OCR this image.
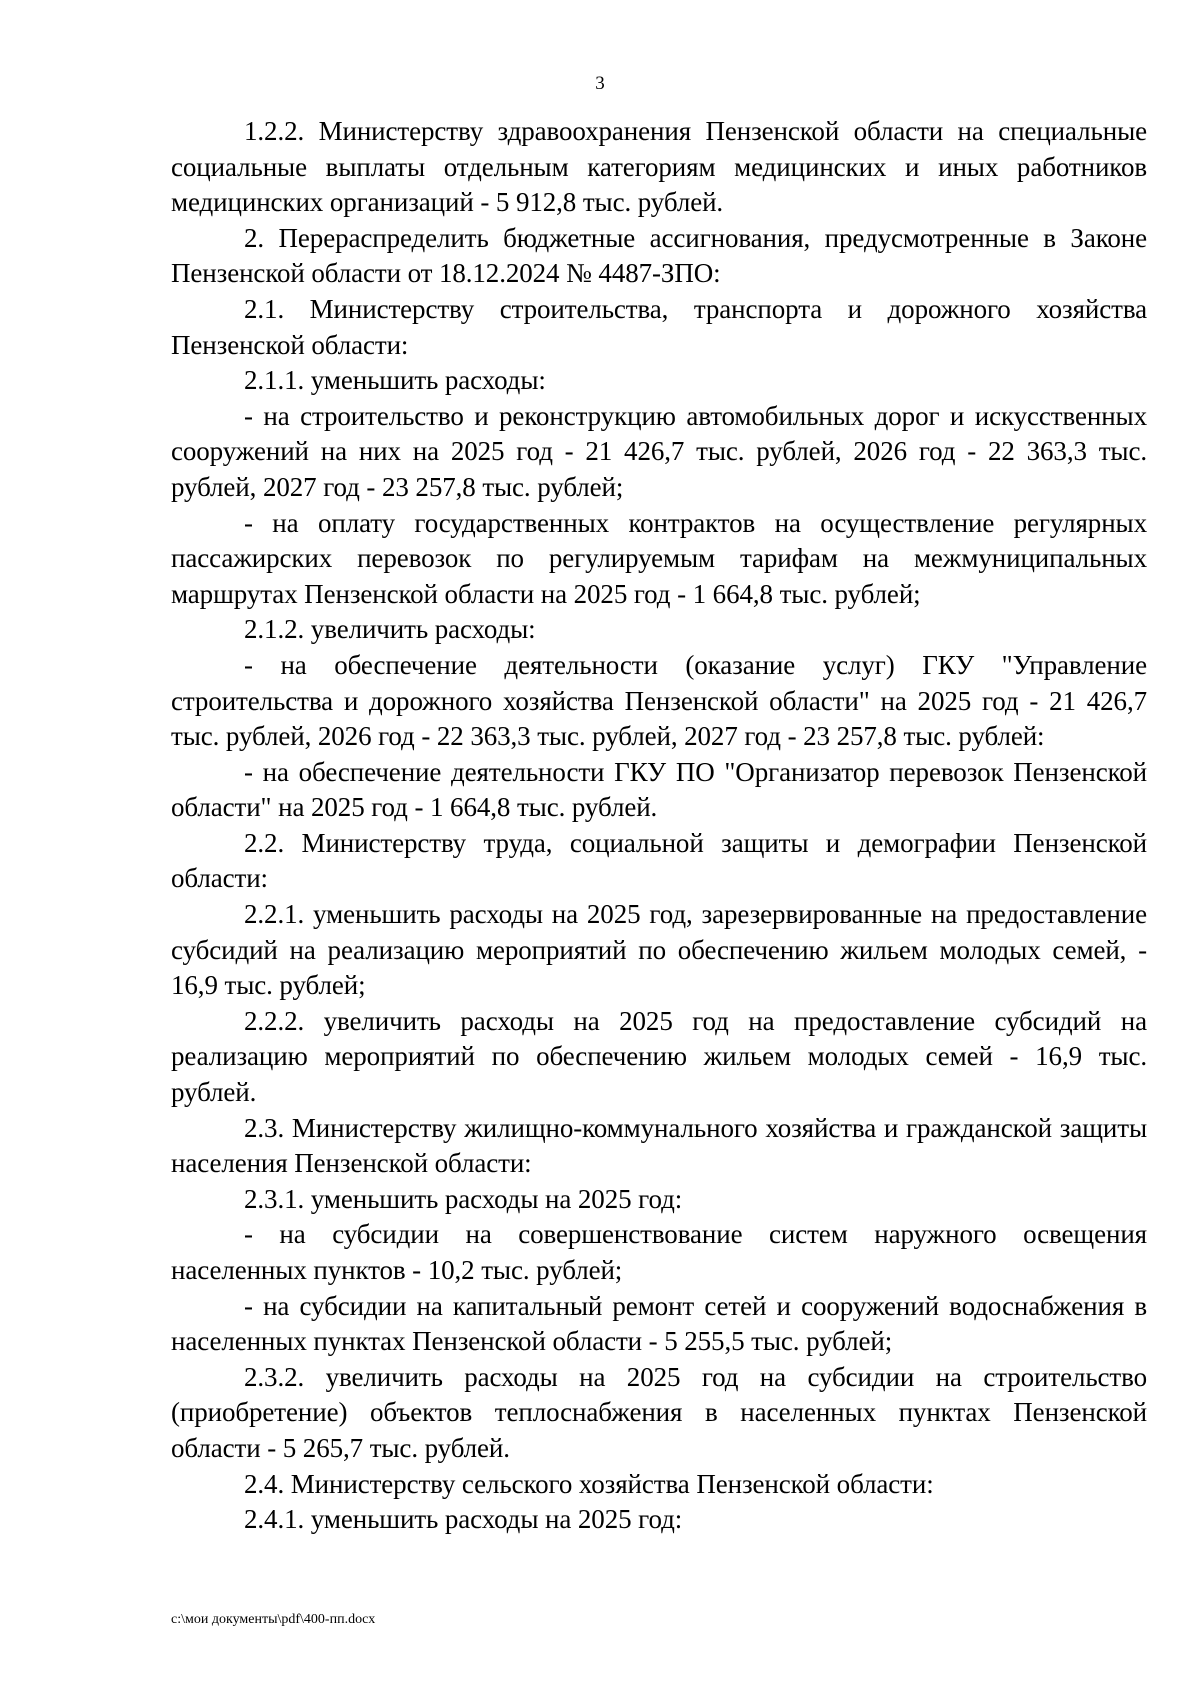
3

1.2.2. Министерству здравоохранения Пензенской области на специальные социальные выплаты отдельным категориям медицинских и иных работников медицинских организаций - 5 912,8 тыс. рублей.

2. Перераспределить бюджетные ассигнования, предусмотренные в Законе Пензенской области от 18.12.2024 № 4487-ЗПО:

2.1. Министерству строительства, транспорта и дорожного хозяйства Пензенской области:

2.1.1. уменьшить расходы:

- на строительство и реконструкцию автомобильных дорог и искусственных сооружений на них на 2025 год - 21 426,7 тыс. рублей, 2026 год - 22 363,3 тыс. рублей, 2027 год - 23 257,8 тыс. рублей;

- на оплату государственных контрактов на осуществление регулярных пассажирских перевозок по регулируемым тарифам на межмуниципальных маршрутах Пензенской области на 2025 год - 1 664,8 тыс. рублей;

2.1.2. увеличить расходы:

- на обеспечение деятельности (оказание услуг) ГКУ "Управление строительства и дорожного хозяйства Пензенской области" на 2025 год - 21 426,7 тыс. рублей, 2026 год - 22 363,3 тыс. рублей, 2027 год - 23 257,8 тыс. рублей:

- на обеспечение деятельности ГКУ ПО "Организатор перевозок Пензенской области" на 2025 год - 1 664,8 тыс. рублей.

2.2. Министерству труда, социальной защиты и демографии Пензенской области:

2.2.1. уменьшить расходы на 2025 год, зарезервированные на предоставление субсидий на реализацию мероприятий по обеспечению жильем молодых семей, - 16,9 тыс. рублей;

2.2.2. увеличить расходы на 2025 год на предоставление субсидий на реализацию мероприятий по обеспечению жильем молодых семей - 16,9 тыс. рублей.

2.3. Министерству жилищно-коммунального хозяйства и гражданской защиты населения Пензенской области:

2.3.1. уменьшить расходы на 2025 год:

- на субсидии на совершенствование систем наружного освещения населенных пунктов - 10,2 тыс. рублей;

- на субсидии на капитальный ремонт сетей и сооружений водоснабжения в населенных пунктах Пензенской области - 5 255,5 тыс. рублей;

2.3.2. увеличить расходы на 2025 год на субсидии на строительство (приобретение) объектов теплоснабжения в населенных пунктах Пензенской области - 5 265,7 тыс. рублей.

2.4. Министерству сельского хозяйства Пензенской области:

2.4.1. уменьшить расходы на 2025 год:

c:\мои документы\pdf\400-пп.docx
